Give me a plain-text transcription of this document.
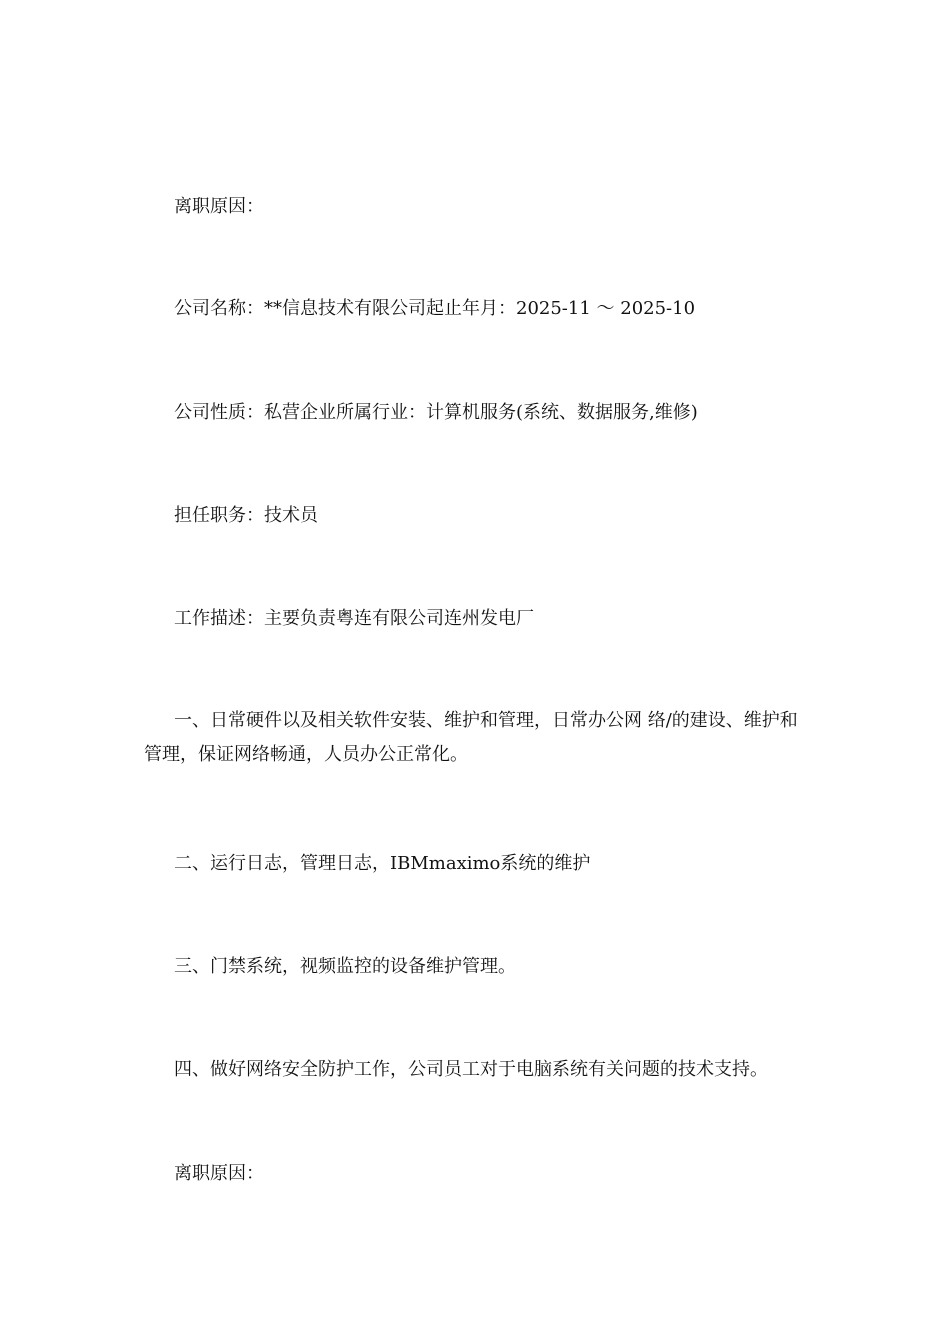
离职原因：

公司名称：**信息技术有限公司起止年月：2025-11 ～ 2025-10

公司性质：私营企业所属行业：计算机服务(系统、数据服务,维修)

担任职务：技术员

工作描述：主要负责粤连有限公司连州发电厂

一、日常硬件以及相关软件安装、维护和管理，日常办公网 络/的建设、维护和管理，保证网络畅通，人员办公正常化。

二、运行日志，管理日志，IBMmaximo系统的维护

三、门禁系统，视频监控的设备维护管理。

四、做好网络安全防护工作，公司员工对于电脑系统有关问题的技术支持。

离职原因：
